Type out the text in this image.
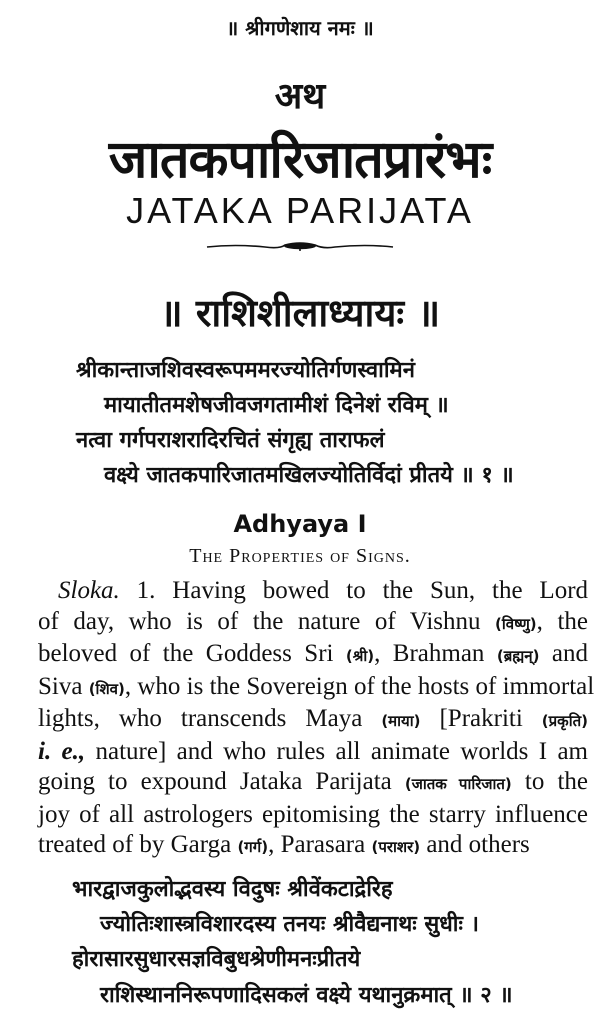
॥ श्रीगणेशाय नमः ॥
अथ
जातकपारिजातप्रारंभः
JATAKA PARIJATA
॥ राशिशीलाध्यायः ॥
श्रीकान्ताजशिवस्वरूपममरज्योतिर्गणस्वामिनं
मायातीतमशेषजीवजगतामीशं दिनेशं रविम् ॥
नत्वा गर्गपराशरादिरचितं संगृह्य ताराफलं
वक्ष्ये जातकपारिजातमखिलज्योतिर्विदां प्रीतये ॥ १ ॥
Adhyaya I
The Properties of Signs.
Sloka. 1. Having bowed to the Sun, the Lord
of day, who is of the nature of Vishnu (विष्णु), the
beloved of the Goddess Sri (श्री), Brahman (ब्रह्मन्) and
Siva (शिव), who is the Sovereign of the hosts of immortal
lights, who transcends Maya (माया) [Prakriti (प्रकृति)
i. e., nature] and who rules all animate worlds I am
going to expound Jataka Parijata (जातक पारिजात) to the
joy of all astrologers epitomising the starry influence
treated of by Garga (गर्ग), Parasara (पराशर) and others
भारद्वाजकुलोद्भवस्य विदुषः श्रीवेंकटाद्रेरिह
ज्योतिःशास्त्रविशारदस्य तनयः श्रीवैद्यनाथः सुधीः ।
होरासारसुधारसज्ञविबुधश्रेणीमनःप्रीतये
राशिस्थाननिरूपणादिसकलं वक्ष्ये यथानुक्रमात् ॥ २ ॥
